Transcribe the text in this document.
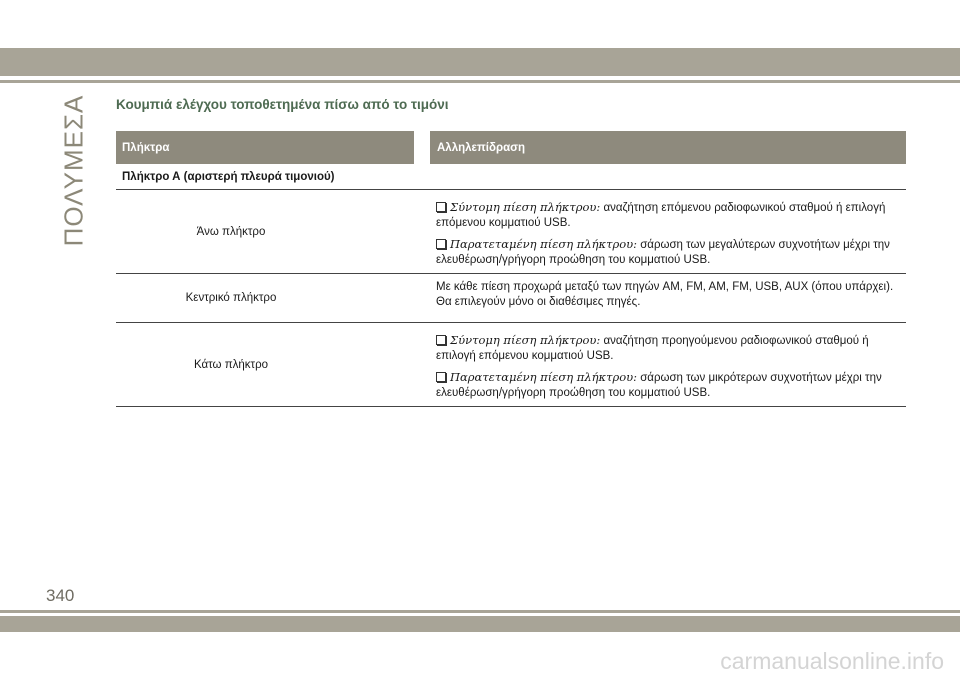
ΠΟΛΥΜΕΣΑ Κουμπιά ελέγχου τοποθετημένα πίσω από το τιμόνι
Πλήκτρα	Αλληλεπίδραση
Πλήκτρο Α (αριστερή πλευρά τιμονιού)
Άνω πλήκτρο

Σύντομη πίεση πλήκτρου: αναζήτηση επόμενου ραδιοφωνικού σταθμού ή επιλογή επόμενου κομματιού USB.

Παρατεταμένη πίεση πλήκτρου: σάρωση των μεγαλύτερων συχνοτήτων μέχρι την ελευθέρωση/γρήγορη προώθηση του κομματιού USB.

Κεντρικό πλήκτρο
Με κάθε πίεση προχωρά μεταξύ των πηγών AM, FM, AM, FM, USB, AUX (όπου υπάρχει). Θα επιλεγούν μόνο οι διαθέσιμες πηγές.
Κάτω πλήκτρο

Σύντομη πίεση πλήκτρου: αναζήτηση προηγούμενου ραδιοφωνικού σταθμού ή επιλογή επόμενου κομματιού USB.

Παρατεταμένη πίεση πλήκτρου: σάρωση των μικρότερων συχνοτήτων μέχρι την ελευθέρωση/γρήγορη προώθηση του κομματιού USB.

340
carmanualsonline.info
